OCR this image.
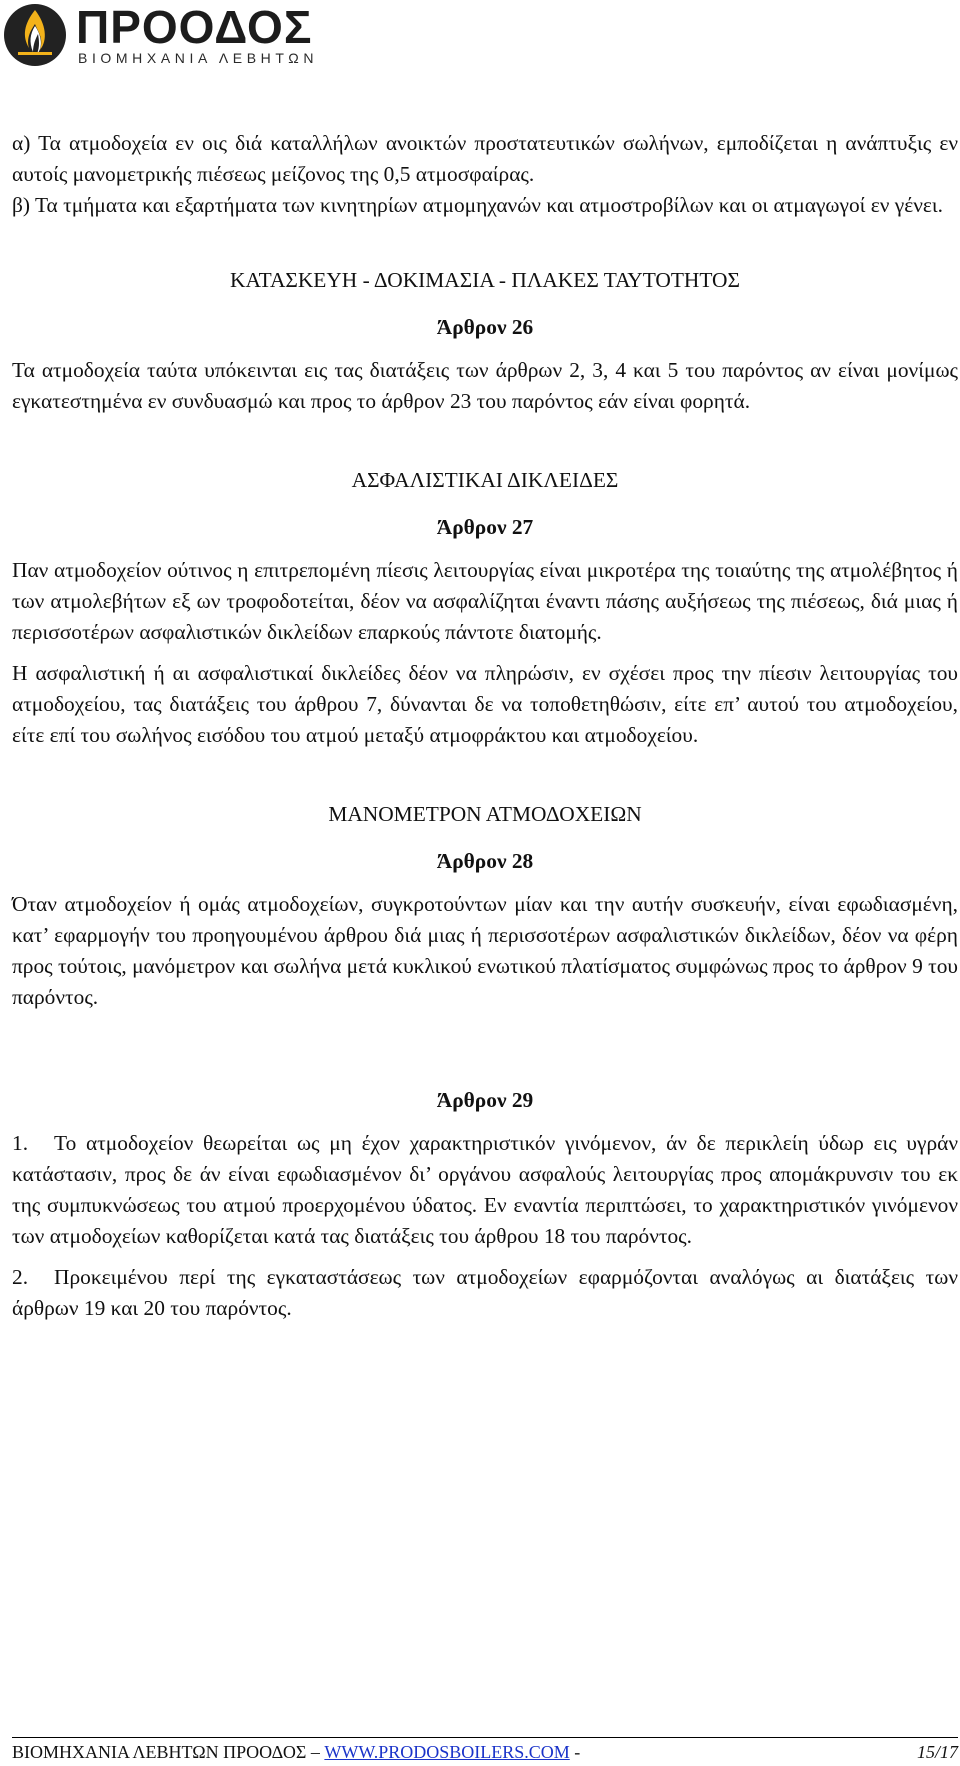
ΠΡΟΟΔΟΣ
ΒΙΟΜΗΧΑΝΙΑ ΛΕΒΗΤΩΝ

α) Τα ατμοδοχεία εν οις διά καταλλήλων ανοικτών προστατευτικών σωλήνων, εμποδίζεται η ανάπτυξις εν αυτοίς μανομετρικής πιέσεως μείζονος της 0,5 ατμοσφαίρας.

β) Τα τμήματα και εξαρτήματα των κινητηρίων ατμομηχανών και ατμοστροβίλων και οι ατμαγωγοί εν γένει.

ΚΑΤΑΣΚΕΥΗ - ΔΟΚΙΜΑΣΙΑ - ΠΛΑΚΕΣ ΤΑΥΤΟΤΗΤΟΣ
Άρθρον 26

Τα ατμοδοχεία ταύτα υπόκεινται εις τας διατάξεις των άρθρων 2, 3, 4 και 5 του παρόντος αν είναι μονίμως εγκατεστημένα εν συνδυασμώ και προς το άρθρον 23 του παρόντος εάν είναι φορητά.

ΑΣΦΑΛΙΣΤΙΚΑΙ ΔΙΚΛΕΙΔΕΣ
Άρθρον 27

Παν ατμοδοχείον ούτινος η επιτρεπομένη πίεσις λειτουργίας είναι μικροτέρα της τοιαύτης της ατμολέβητος ή των ατμολεβήτων εξ ων τροφοδοτείται, δέον να ασφαλίζηται έναντι πάσης αυξήσεως της πιέσεως, διά μιας ή περισσοτέρων ασφαλιστικών δικλείδων επαρκούς πάντοτε διατομής.

Η ασφαλιστική ή αι ασφαλιστικαί δικλείδες δέον να πληρώσιν, εν σχέσει προς την πίεσιν λειτουργίας του ατμοδοχείου, τας διατάξεις του άρθρου 7, δύνανται δε να τοποθετηθώσιν, είτε επ’ αυτού του ατμοδοχείου, είτε επί του σωλήνος εισόδου του ατμού μεταξύ ατμοφράκτου και ατμοδοχείου.

ΜΑΝΟΜΕΤΡΟΝ ΑΤΜΟΔΟΧΕΙΩΝ
Άρθρον 28

Όταν ατμοδοχείον ή ομάς ατμοδοχείων, συγκροτούντων μίαν και την αυτήν συσκευήν, είναι εφωδιασμένη, κατ’ εφαρμογήν του προηγουμένου άρθρου διά μιας ή περισσοτέρων ασφαλιστικών δικλείδων, δέον να φέρη προς τούτοις, μανόμετρον και σωλήνα μετά κυκλικού ενωτικού πλατίσματος συμφώνως προς το άρθρον 9 του παρόντος.

Άρθρον 29

1. Το ατμοδοχείον θεωρείται ως μη έχον χαρακτηριστικόν γινόμενον, άν δε περικλείη ύδωρ εις υγράν κατάστασιν, προς δε άν είναι εφωδιασμένον δι’ οργάνου ασφαλούς λειτουργίας προς απομάκρυνσιν του εκ της συμπυκνώσεως του ατμού προερχομένου ύδατος. Εν εναντία περιπτώσει, το χαρακτηριστικόν γινόμενον των ατμοδοχείων καθορίζεται κατά τας διατάξεις του άρθρου 18 του παρόντος.

2. Προκειμένου περί της εγκαταστάσεως των ατμοδοχείων εφαρμόζονται αναλόγως αι διατάξεις των άρθρων 19 και 20 του παρόντος.

ΒΙΟΜΗΧΑΝΙΑ ΛΕΒΗΤΩΝ ΠΡΟΟΔΟΣ – WWW.PRODOSBOILERS.COM -	15/17
